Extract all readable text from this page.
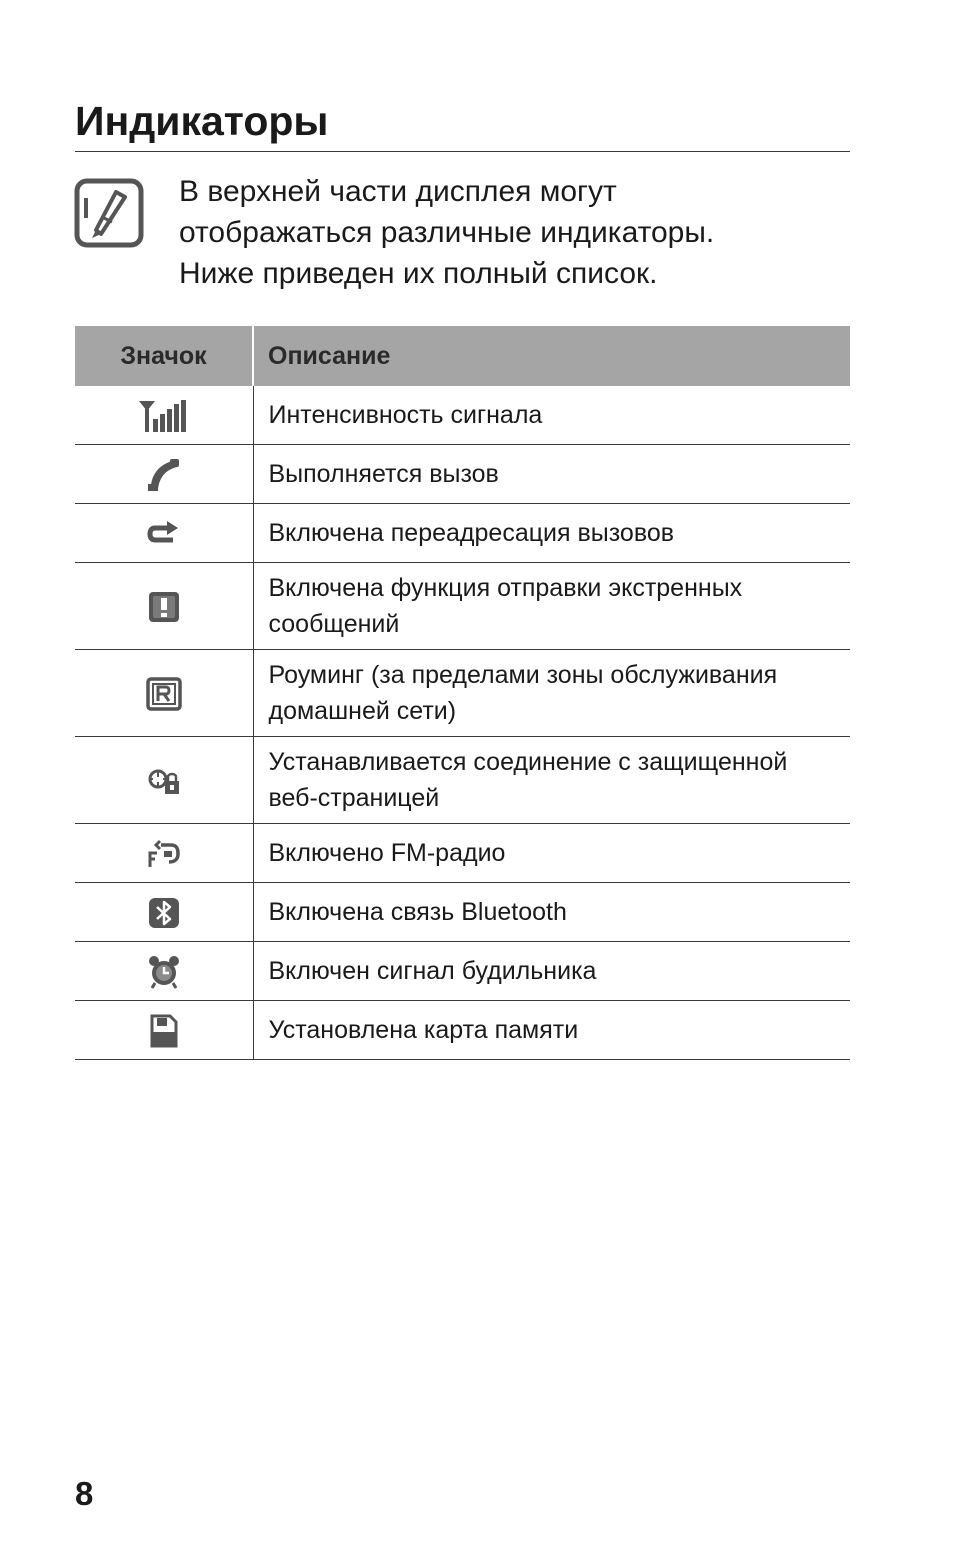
Индикаторы
В верхней части дисплея могут
отображаться различные индикаторы.
Ниже приведен их полный список.
Значок	Описание
	Интенсивность сигнала
	Выполняется вызов
	Включена переадресация вызовов
	Включена функция отправки экстренных сообщений
	Роуминг (за пределами зоны обслуживания домашней сети)
	Устанавливается соединение с защищенной веб-страницей
	Включено FM-радио
	Включена связь Bluetooth
	Включен сигнал будильника
	Установлена карта памяти
8
